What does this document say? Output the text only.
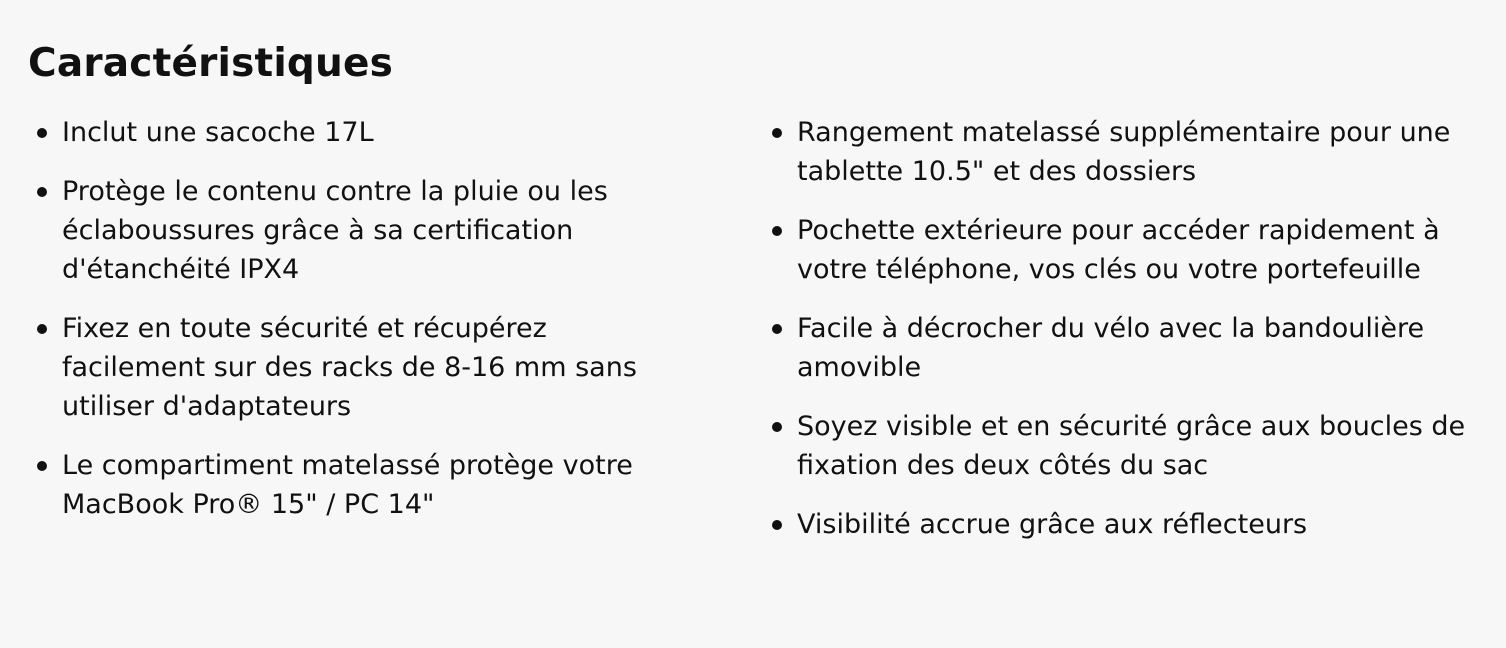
Caractéristiques
Inclut une sacoche 17L
Protège le contenu contre la pluie ou les éclaboussures grâce à sa certification d'étanchéité IPX4
Fixez en toute sécurité et récupérez facilement sur des racks de 8-16 mm sans utiliser d'adaptateurs
Le compartiment matelassé protège votre MacBook Pro® 15" / PC 14"
Rangement matelassé supplémentaire pour une tablette 10.5" et des dossiers
Pochette extérieure pour accéder rapidement à votre téléphone, vos clés ou votre portefeuille
Facile à décrocher du vélo avec la bandoulière amovible
Soyez visible et en sécurité grâce aux boucles de fixation des deux côtés du sac
Visibilité accrue grâce aux réflecteurs
